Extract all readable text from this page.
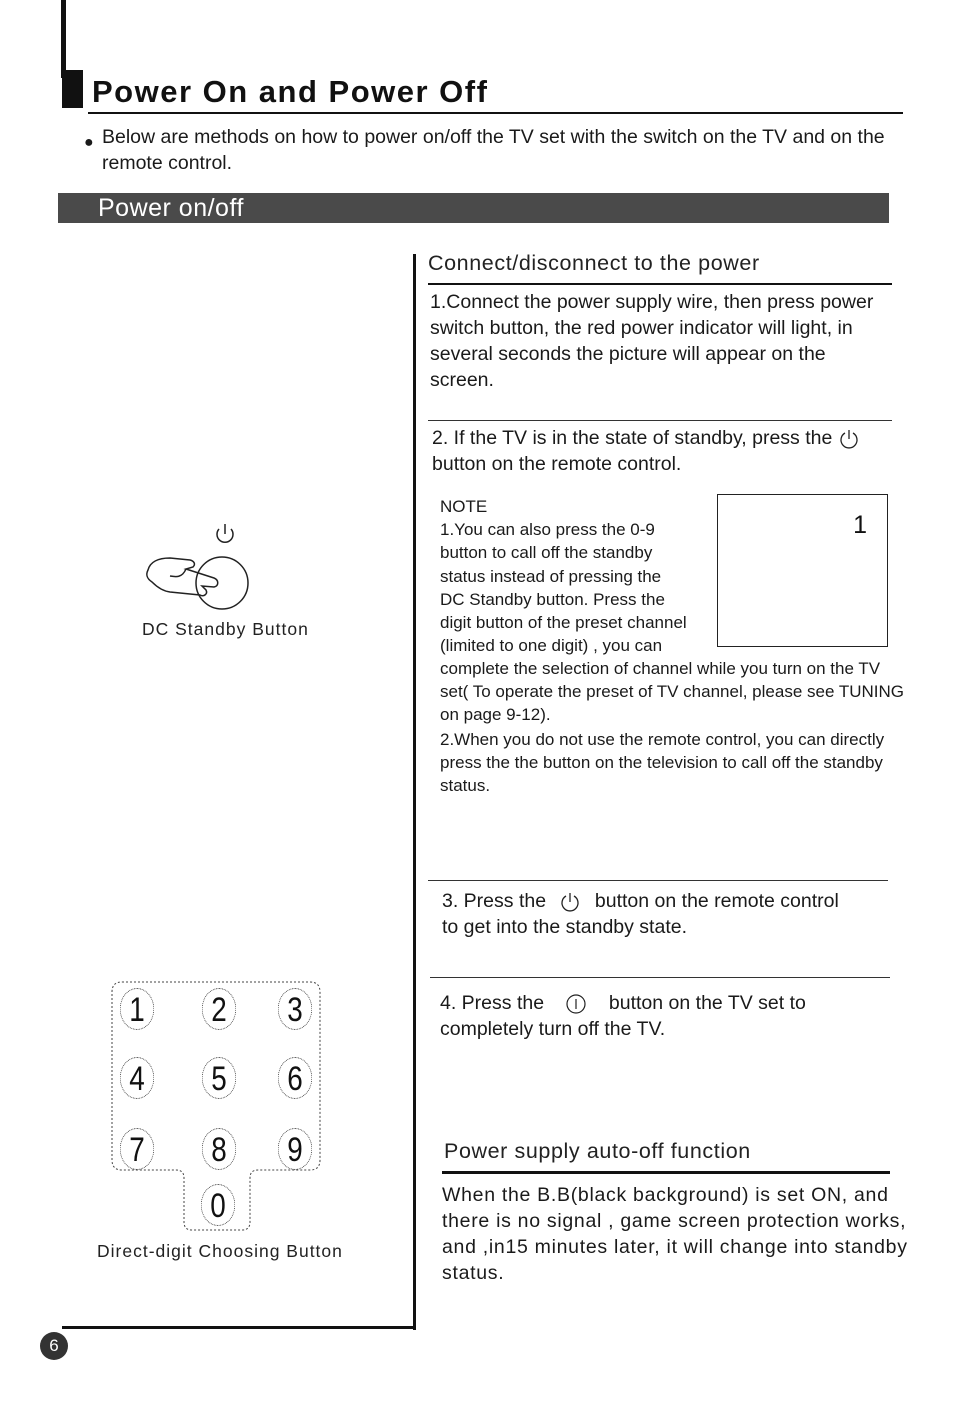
Power On and Power Off
● Below are methods on how to power on/off the TV set with the switch on the TV and on the remote control.
Power on/off
6
DC Standby Button
1 2 3
4 5 6
7 8 9
0
Direct-digit Choosing Button
Connect/disconnect to the power
1.Connect the power supply wire, then press power switch button, the red power indicator will light, in several seconds the picture will appear on the screen.
2. If the TV is in the state of standby, press the
button on the remote control.
NOTE
1.You can also press the 0-9
button to call off the standby
status instead of pressing the
DC Standby button. Press the
digit button of the preset channel
(limited to one digit) , you can
1
complete the selection of channel while you turn on the TV set( To operate the preset of TV channel, please see TUNING on page 9-12).
2.When you do not use the remote control, you can directly press the the button on the television to call off the standby status.
3. Press the	button on the remote control
to get into the standby state.
4. Press the	button on the TV set to
completely turn off the TV.
Power supply auto-off function
When the B.B(black background) is set ON, and there is no signal , game screen protection works, and ,in15 minutes later, it will change into standby status.
